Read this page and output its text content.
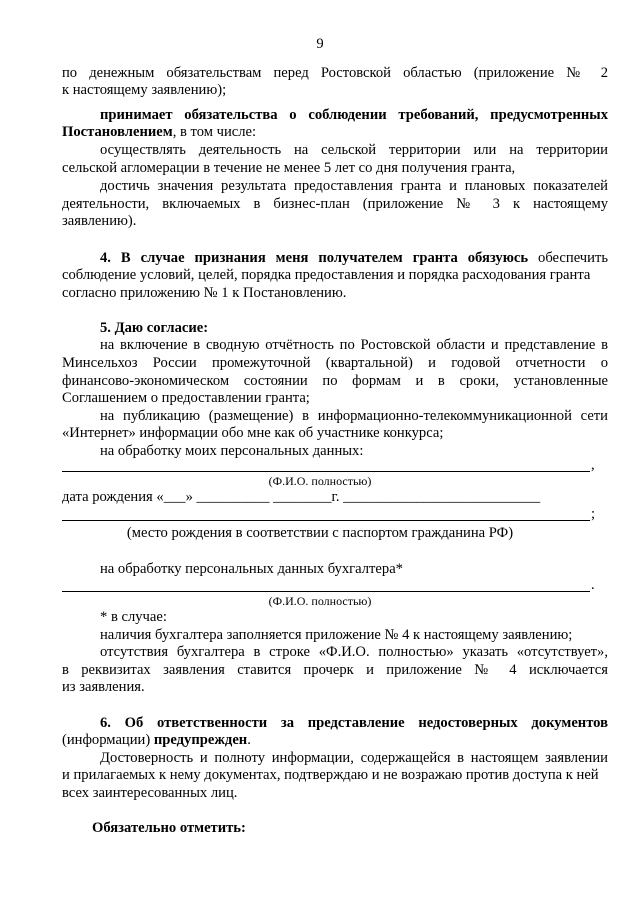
9
по денежным обязательствам перед Ростовской областью (приложение № 2
к настоящему заявлению);
принимает обязательства о соблюдении требований, предусмотренных
Постановлением, в том числе:
осуществлять деятельность на сельской территории или на территории
сельской агломерации в течение не менее 5 лет со дня получения гранта,
достичь значения результата предоставления гранта и плановых показателей
деятельности, включаемых в бизнес-план (приложение № 3 к настоящему
заявлению).
4. В случае признания меня получателем гранта обязуюсь обеспечить
соблюдение условий, целей, порядка предоставления и порядка расходования гранта
согласно приложению № 1 к Постановлению.
5. Даю согласие:
на включение в сводную отчётность по Ростовской области и представление в
Минсельхоз России промежуточной (квартальной) и годовой отчетности о
финансово-экономическом состоянии по формам и в сроки, установленные
Соглашением о предоставлении гранта;
на публикацию (размещение) в информационно-телекоммуникационной сети
«Интернет» информации обо мне как об участнике конкурса;
на обработку моих персональных данных:
,
(Ф.И.О. полностью)
дата рождения «___» __________ ________г. ___________________________
;
(место рождения в соответствии с паспортом гражданина РФ)
на обработку персональных данных бухгалтера*
.
(Ф.И.О. полностью)
* в случае:
наличия бухгалтера заполняется приложение № 4 к настоящему заявлению;
отсутствия бухгалтера в строке «Ф.И.О. полностью» указать «отсутствует»,
в реквизитах заявления ставится прочерк и приложение № 4 исключается
из заявления.
6. Об ответственности за представление недостоверных документов
(информации) предупрежден.
Достоверность и полноту информации, содержащейся в настоящем заявлении
и прилагаемых к нему документах, подтверждаю и не возражаю против доступа к ней
всех заинтересованных лиц.
Обязательно отметить:
